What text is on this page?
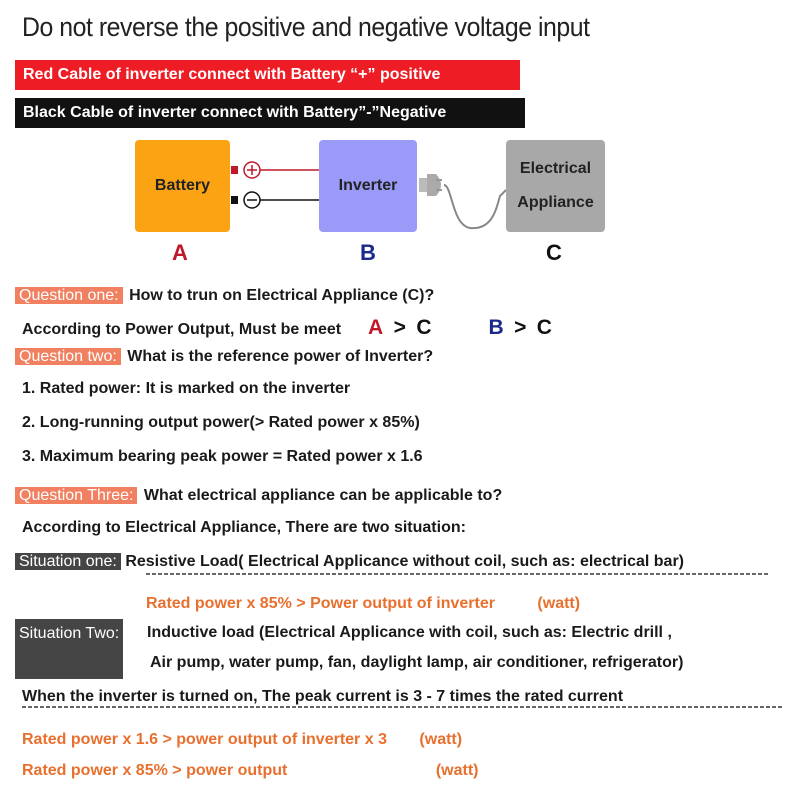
Do not reverse the positive and negative voltage input
Red Cable of inverter connect with Battery “+” positive
Black Cable of inverter connect with Battery”-”Negative
Battery	Inverter
Electrical
Appliance
A	B	C
Question one: How to trun on Electrical Appliance (C)?
According to Power Output, Must be meet A > C	B > C
Question two: What is the reference power of Inverter?
1. Rated power: It is marked on the inverter
2. Long-running output power(> Rated power x 85%)
3. Maximum bearing peak power = Rated power x 1.6
Question Three: What electrical appliance can be applicable to?
According to Electrical Appliance, There are two situation:
Situation one: Resistive Load( Electrical Applicance without coil, such as: electrical bar)
Rated power x 85% > Power output of inverter	(watt)
Situation Two: Inductive load (Electrical Applicance with coil, such as: Electric drill ,
Air pump, water pump, fan, daylight lamp, air conditioner, refrigerator)
When the inverter is turned on, The peak current is 3 - 7 times the rated current
Rated power x 1.6 > power output of inverter x 3 (watt)
Rated power x 85% > power output	(watt)
